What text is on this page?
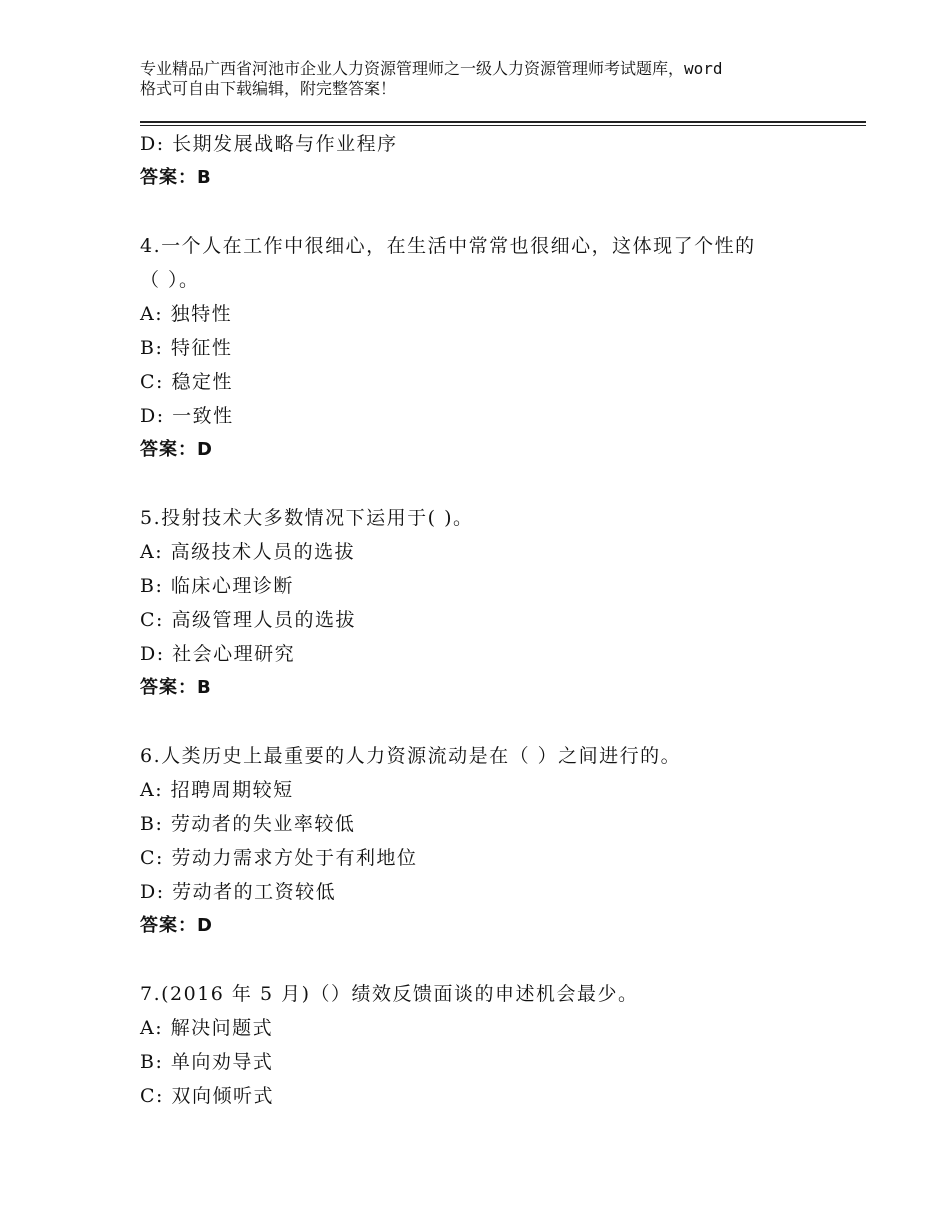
专业精品广西省河池市企业人力资源管理师之一级人力资源管理师考试题库，word
格式可自由下载编辑，附完整答案！

D: 长期发展战略与作业程序

答案：B

4.一个人在工作中很细心，在生活中常常也很细心，这体现了个性的

（ ）。

A: 独特性

B: 特征性

C: 稳定性

D: 一致性

答案：D

5.投射技术大多数情况下运用于( )。

A: 高级技术人员的选拔

B: 临床心理诊断

C: 高级管理人员的选拔

D: 社会心理研究

答案：B

6.人类历史上最重要的人力资源流动是在（ ）之间进行的。

A: 招聘周期较短

B: 劳动者的失业率较低

C: 劳动力需求方处于有利地位

D: 劳动者的工资较低

答案：D

7.(2016 年 5 月)（）绩效反馈面谈的申述机会最少。

A: 解决问题式

B: 单向劝导式

C: 双向倾听式
